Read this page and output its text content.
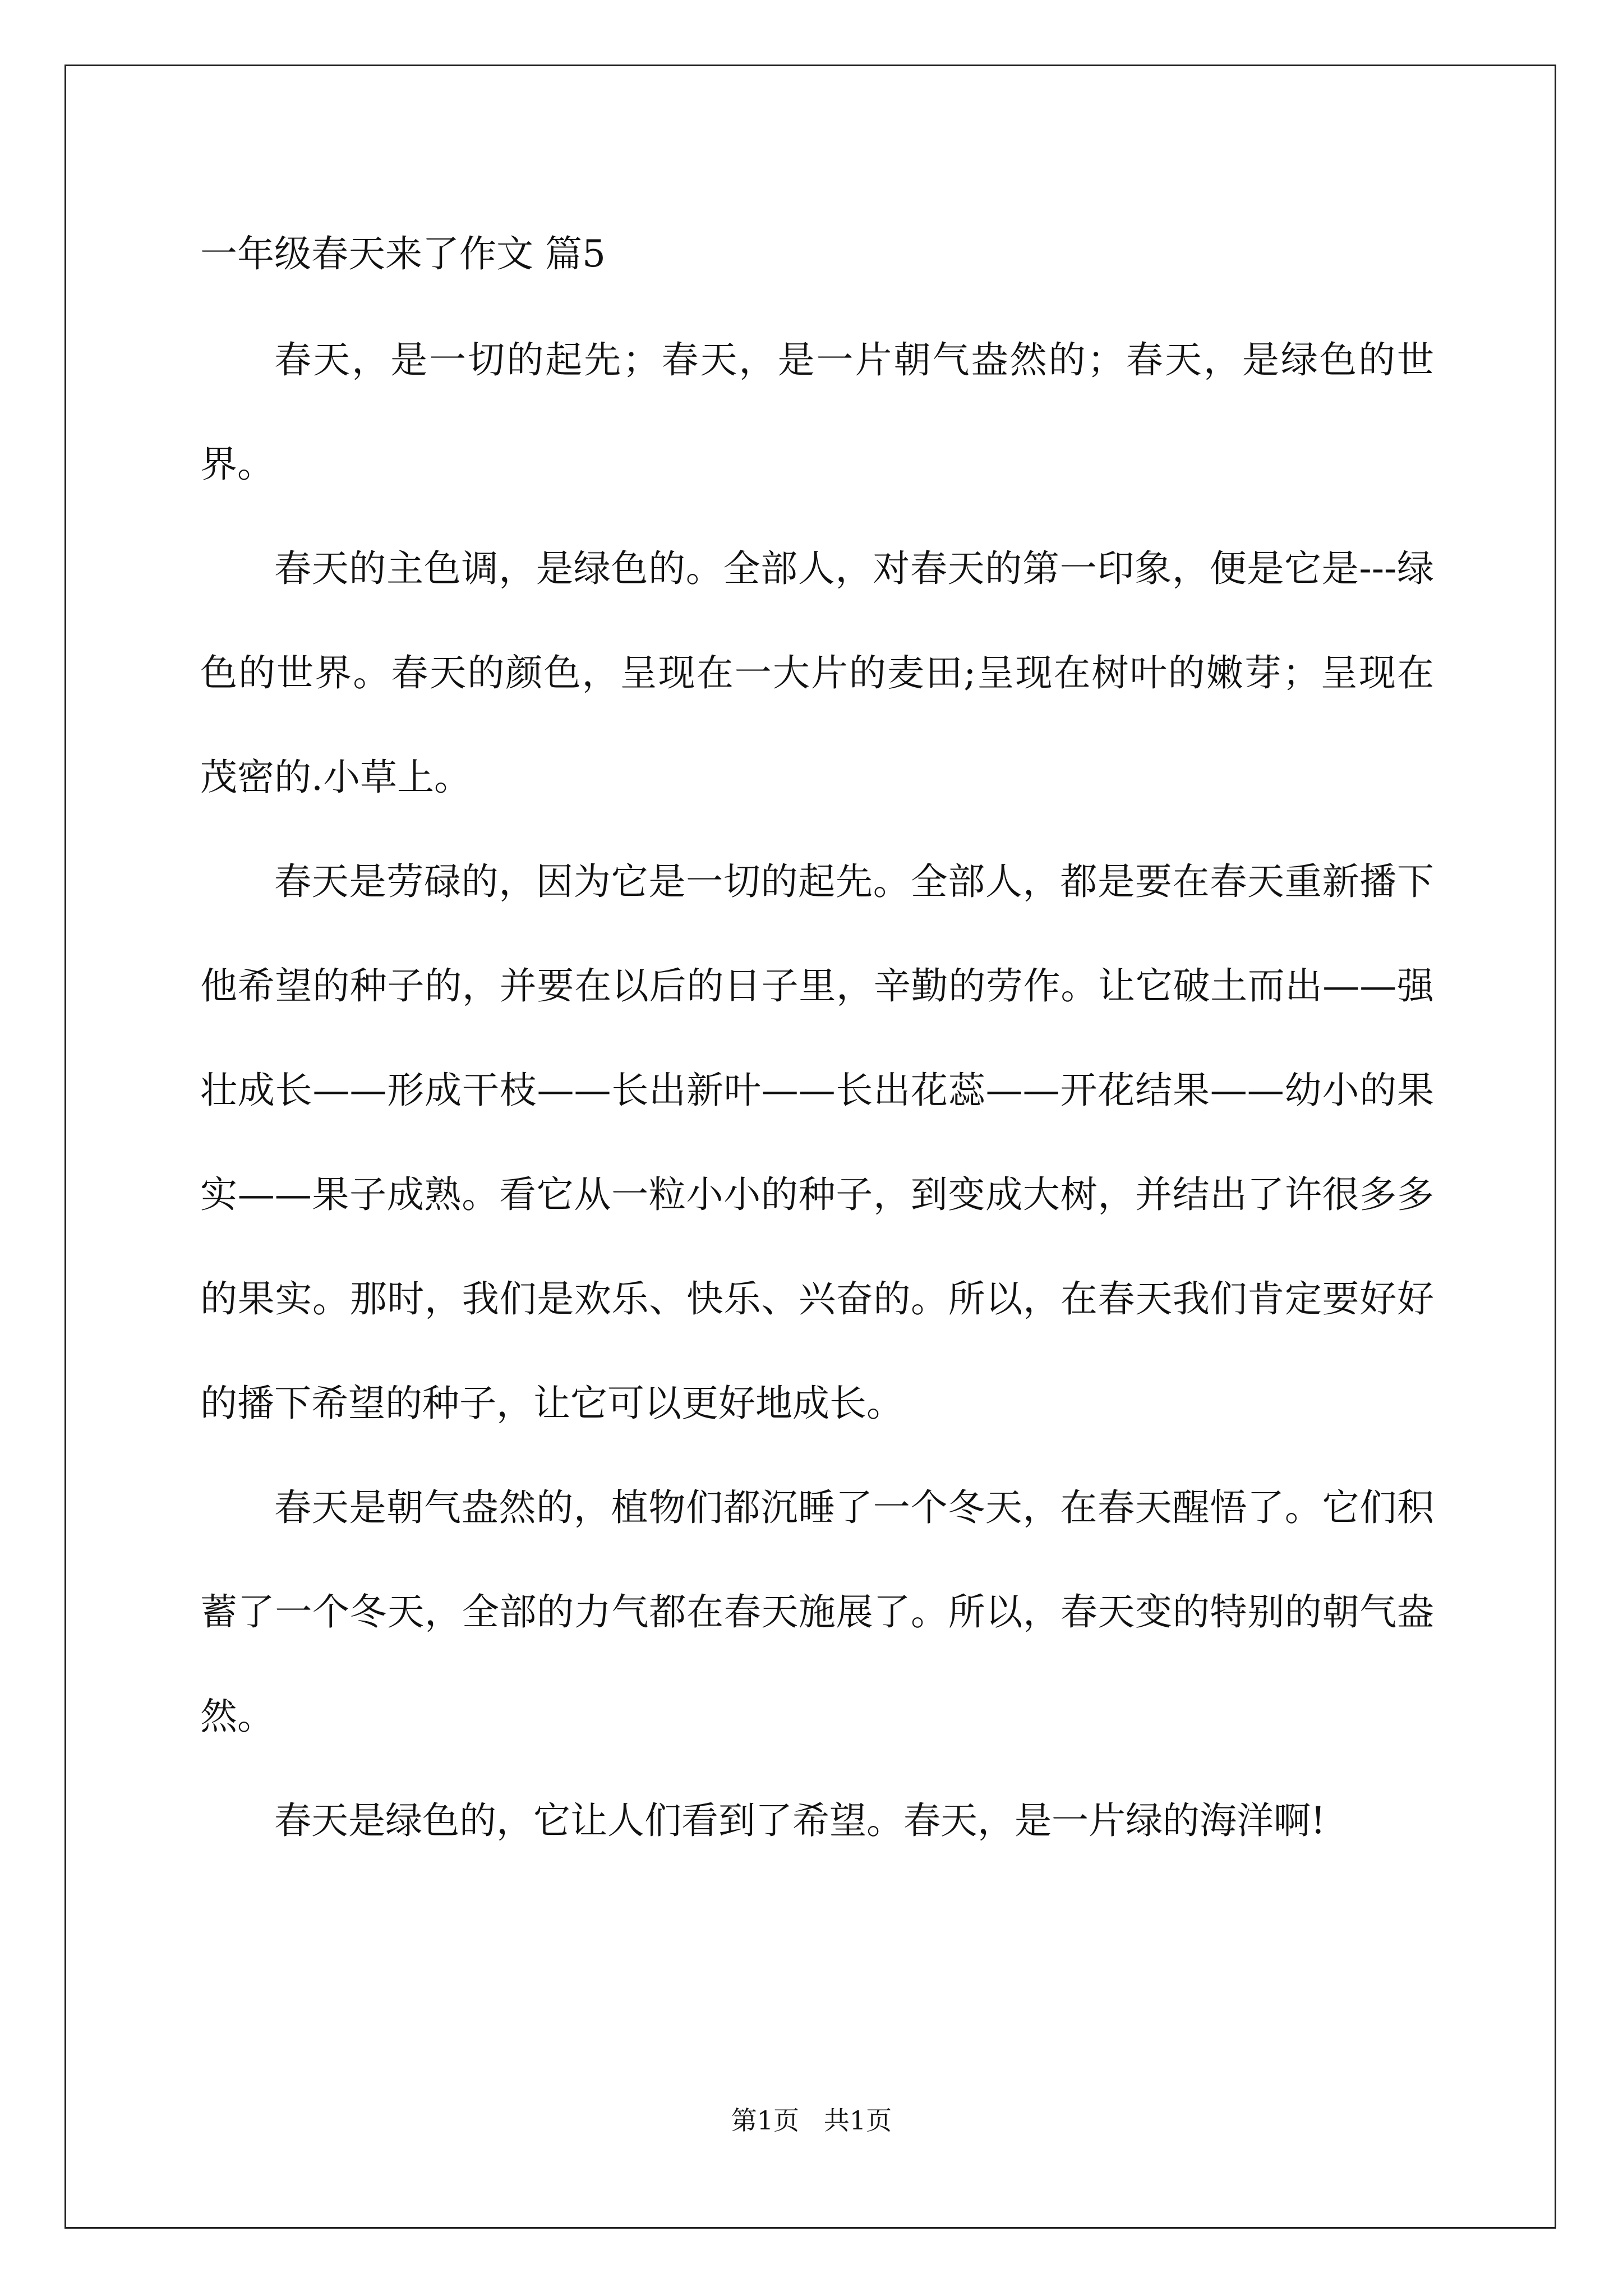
一年级春天来了作文 篇5

春天，是一切的起先；春天，是一片朝气盎然的；春天，是绿色的世界。

春天的主色调，是绿色的。全部人，对春天的第一印象，便是它是---绿色的世界。春天的颜色，呈现在一大片的麦田;呈现在树叶的嫩芽；呈现在茂密的.小草上。

春天是劳碌的，因为它是一切的起先。全部人，都是要在春天重新播下他希望的种子的，并要在以后的日子里，辛勤的劳作。让它破土而出——强壮成长——形成干枝——长出新叶——长出花蕊——开花结果——幼小的果实——果子成熟。看它从一粒小小的种子，到变成大树，并结出了许很多多的果实。那时，我们是欢乐、快乐、兴奋的。所以，在春天我们肯定要好好的播下希望的种子，让它可以更好地成长。

春天是朝气盎然的，植物们都沉睡了一个冬天，在春天醒悟了。它们积蓄了一个冬天，全部的力气都在春天施展了。所以，春天变的特别的朝气盎然。

春天是绿色的，它让人们看到了希望。春天，是一片绿的海洋啊!

第1页   共1页
